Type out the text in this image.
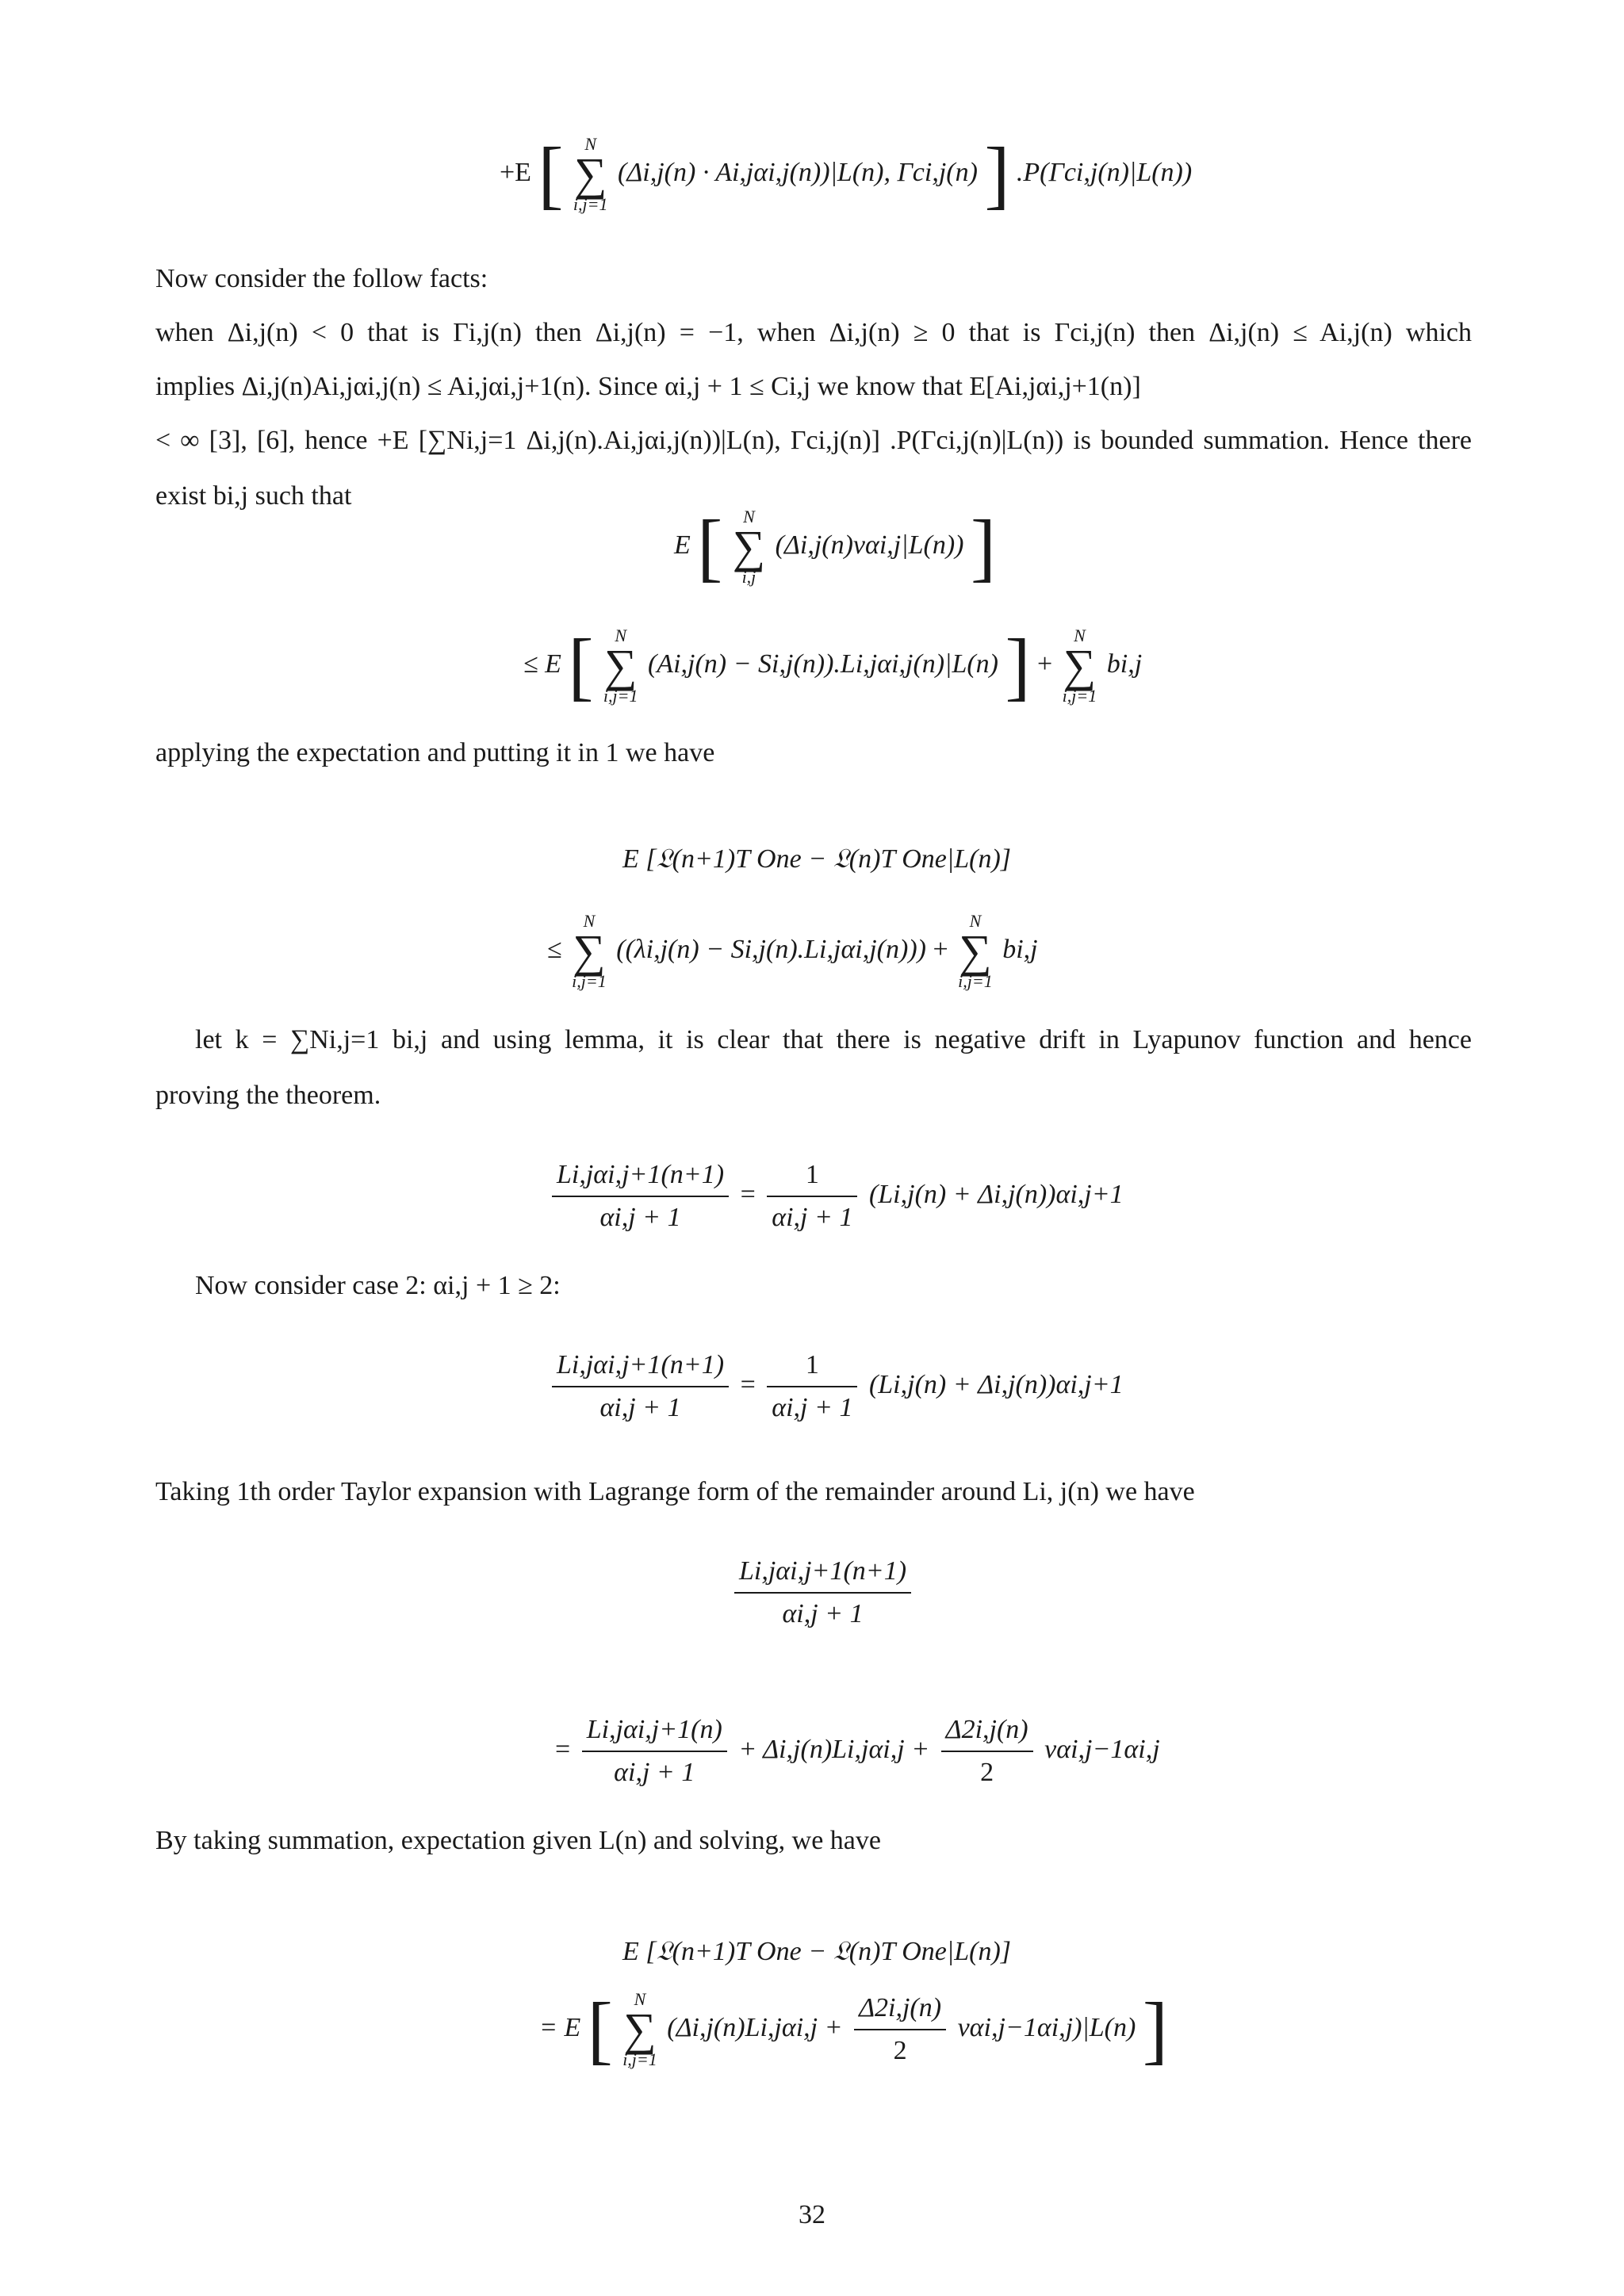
+E [	N
∑
i,j=1
(Δi,j(n) · Ai,jαi,j(n))|L(n), Γci,j(n) ] .P(Γci,j(n)|L(n))

Now consider the follow facts:

when Δi,j(n) < 0 that is Γi,j(n) then Δi,j(n) = −1, when Δi,j(n) ≥ 0 that is Γci,j(n) then Δi,j(n) ≤ Ai,j(n) which

implies Δi,j(n)Ai,jαi,j(n) ≤ Ai,jαi,j+1(n). Since αi,j + 1 ≤ Ci,j we know that E[Ai,jαi,j+1(n)]

< ∞ [3], [6], hence +E [∑Ni,j=1 Δi,j(n).Ai,jαi,j(n))|L(n), Γci,j(n)] .P(Γci,j(n)|L(n)) is bounded summation. Hence there

exist bi,j such that

E [	N
∑
i,j
(Δi,j(n)ναi,j|L(n)) ]
≤ E [	N
∑
i,j=1
(Ai,j(n) − Si,j(n)).Li,jαi,j(n)|L(n) ] +
N
∑
i,j=1
bi,j

applying the expectation and putting it in 1 we have

E [𝔏(n+1)T One − 𝔏(n)T One|L(n)]
≤
N
∑
i,j=1
((λi,j(n) − Si,j(n).Li,jαi,j(n))) +
N
∑
i,j=1
bi,j

let k = ∑Ni,j=1 bi,j and using lemma, it is clear that there is negative drift in Lyapunov function and hence

proving the theorem.

$\frac{\text{Li,jαi,j+1(n+1)}}{\alpha i,j + 1} = \frac{1}{\alpha i,j + 1} (Li,j(n) + \Delta i,j(n))\alpha i,j+1$

Now consider case 2: αi,j + 1 ≥ 2:

$\frac{\text{Li,jαi,j+1(n+1)}}{\alpha i,j + 1} = \frac{1}{\alpha i,j + 1} (Li,j(n) + \Delta i,j(n))\alpha i,j+1$

Taking 1th order Taylor expansion with Lagrange form of the remainder around Li, j(n) we have

$\frac{\text{Li,jαi,j+1(n+1)}}{\alpha i,j + 1}$
= $\frac{\text{Li,jαi,j+1(n)}}{\alpha i,j + 1} + \Delta i,j(n)Li,j\alpha i,j + \frac{\Delta 2i,j(n)}{2} \nu\alpha i,j-1\alpha i,j$

By taking summation, expectation given L(n) and solving, we have

E [𝔏(n+1)T One − 𝔏(n)T One|L(n)]
= E [	N
∑
i,j=1
$(\Delta i,j(n)Li,j\alpha i,j + \frac{\Delta 2i,j(n)}{2} \nu\alpha i,j-1\alpha i,j)|L(n)$ ]
32
